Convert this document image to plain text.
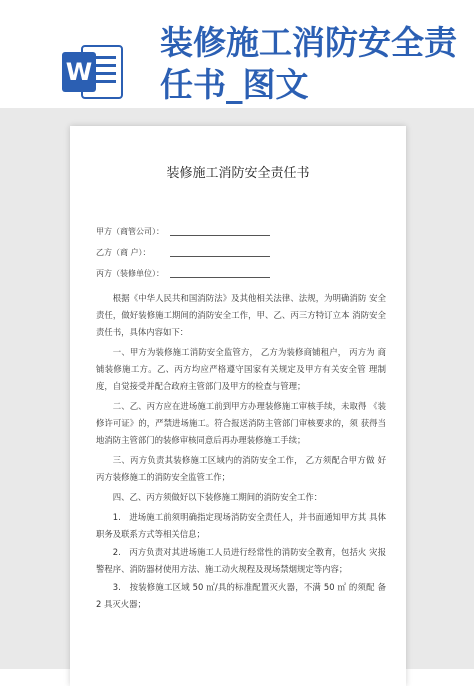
W
装修施工消防安全责任书_图文
装修施工消防安全责任书
甲方（商管公司）：
乙方（商 户）：
丙方（装修单位）：

根据《中华人民共和国消防法》及其他相关法律、法规，为明确消防 安全责任，做好装修施工期间的消防安全工作，甲、乙、丙三方特订立本 消防安全责任书，具体内容如下：

一、甲方为装修施工消防安全监管方， 乙方为装修商铺租户， 丙方为 商铺装修施工方。乙、丙方均应严格遵守国家有关规定及甲方有关安全管 理制度，自觉接受并配合政府主管部门及甲方的检查与管理；

二、乙、丙方应在进场施工前到甲方办理装修施工审核手续，未取得 《装修许可证》的，严禁进场施工。符合报送消防主管部门审核要求的，须 获得当地消防主管部门的装修审核同意后再办理装修施工手续；

三、丙方负责其装修施工区域内的消防安全工作， 乙方须配合甲方做 好丙方装修施工的消防安全监管工作；

四、乙、丙方须做好以下装修施工期间的消防安全工作：

1.　进场施工前须明确指定现场消防安全责任人，并书面通知甲方其 具体职务及联系方式等相关信息；

2.　丙方负责对其进场施工人员进行经常性的消防安全教育，包括火 灾报警程序、消防器材使用方法、施工动火规程及现场禁烟规定等内容；

3.　按装修施工区域 50 ㎡/具的标准配置灭火器，不满 50 ㎡ 的须配 备 2 具灭火器；
